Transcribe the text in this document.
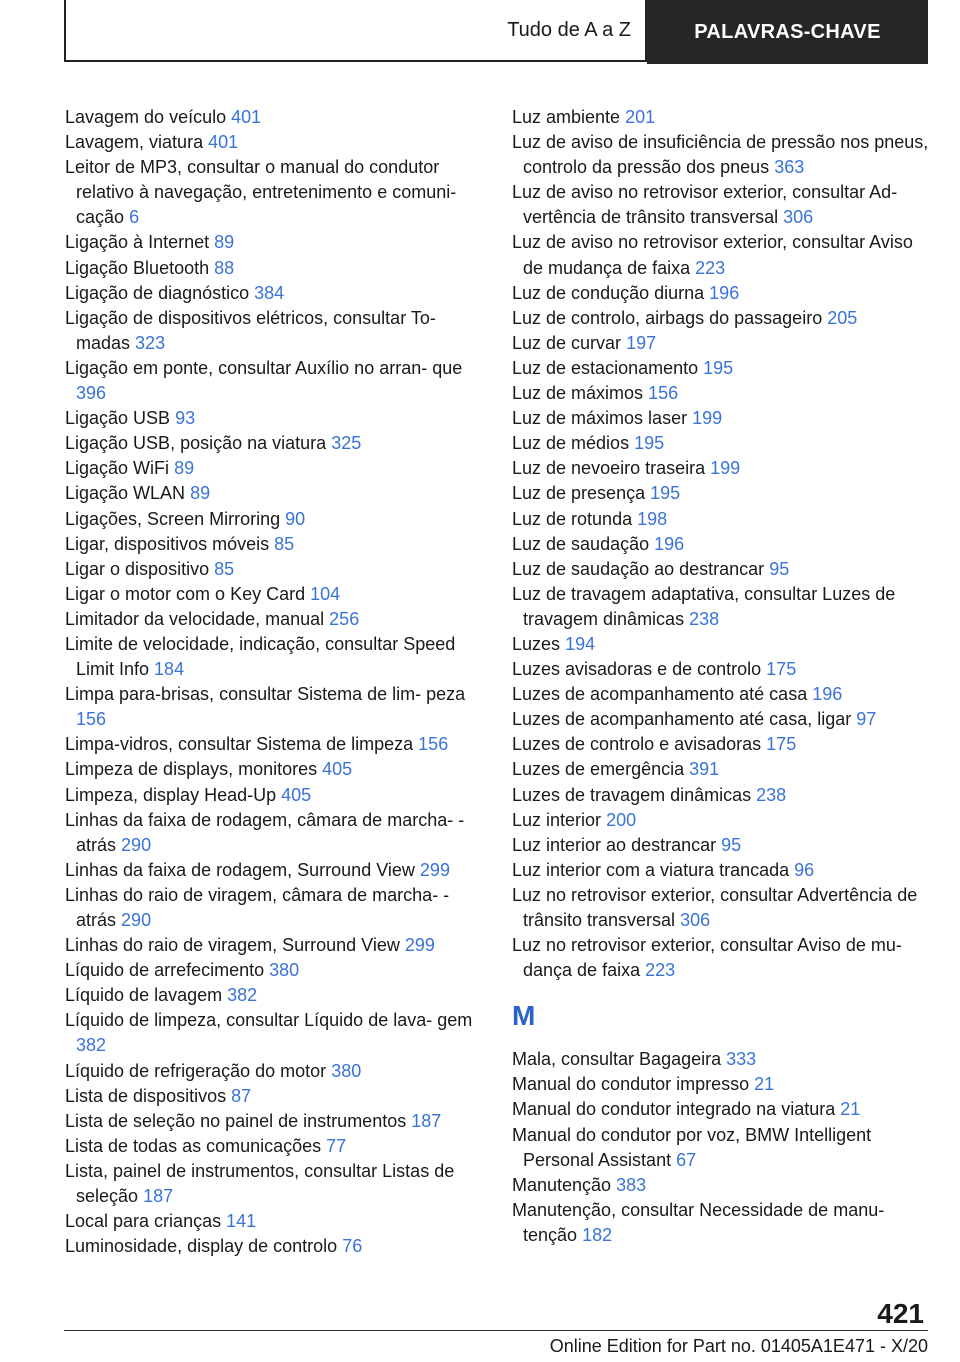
Tudo de A a Z	PALAVRAS-CHAVE
Lavagem do veículo 401
Lavagem, viatura 401
Leitor de MP3, consultar o manual do condutor relativo à navegação, entretenimento e comuni‐ cação 6
Ligação à Internet 89
Ligação Bluetooth 88
Ligação de diagnóstico 384
Ligação de dispositivos elétricos, consultar To‐ madas 323
Ligação em ponte, consultar Auxílio no arran‐ que 396
Ligação USB 93
Ligação USB, posição na viatura 325
Ligação WiFi 89
Ligação WLAN 89
Ligações, Screen Mirroring 90
Ligar, dispositivos móveis 85
Ligar o dispositivo 85
Ligar o motor com o Key Card 104
Limitador da velocidade, manual 256
Limite de velocidade, indicação, consultar Speed Limit Info 184
Limpa para-brisas, consultar Sistema de lim‐ peza 156
Limpa-vidros, consultar Sistema de limpeza 156
Limpeza de displays, monitores 405
Limpeza, display Head-Up 405
Linhas da faixa de rodagem, câmara de marcha- -atrás 290
Linhas da faixa de rodagem, Surround View 299
Linhas do raio de viragem, câmara de marcha- -atrás 290
Linhas do raio de viragem, Surround View 299
Líquido de arrefecimento 380
Líquido de lavagem 382
Líquido de limpeza, consultar Líquido de lava‐ gem 382
Líquido de refrigeração do motor 380
Lista de dispositivos 87
Lista de seleção no painel de instrumentos 187
Lista de todas as comunicações 77
Lista, painel de instrumentos, consultar Listas de seleção 187
Local para crianças 141
Luminosidade, display de controlo 76
Luz ambiente 201
Luz de aviso de insuficiência de pressão nos pneus, controlo da pressão dos pneus 363
Luz de aviso no retrovisor exterior, consultar Ad‐ vertência de trânsito transversal 306
Luz de aviso no retrovisor exterior, consultar Aviso de mudança de faixa 223
Luz de condução diurna 196
Luz de controlo, airbags do passageiro 205
Luz de curvar 197
Luz de estacionamento 195
Luz de máximos 156
Luz de máximos laser 199
Luz de médios 195
Luz de nevoeiro traseira 199
Luz de presença 195
Luz de rotunda 198
Luz de saudação 196
Luz de saudação ao destrancar 95
Luz de travagem adaptativa, consultar Luzes de travagem dinâmicas 238
Luzes 194
Luzes avisadoras e de controlo 175
Luzes de acompanhamento até casa 196
Luzes de acompanhamento até casa, ligar 97
Luzes de controlo e avisadoras 175
Luzes de emergência 391
Luzes de travagem dinâmicas 238
Luz interior 200
Luz interior ao destrancar 95
Luz interior com a viatura trancada 96
Luz no retrovisor exterior, consultar Advertência de trânsito transversal 306
Luz no retrovisor exterior, consultar Aviso de mu‐ dança de faixa 223
M
Mala, consultar Bagageira 333
Manual do condutor impresso 21
Manual do condutor integrado na viatura 21
Manual do condutor por voz, BMW Intelligent Personal Assistant 67
Manutenção 383
Manutenção, consultar Necessidade de manu‐ tenção 182
421
Online Edition for Part no. 01405A1E471 - X/20
